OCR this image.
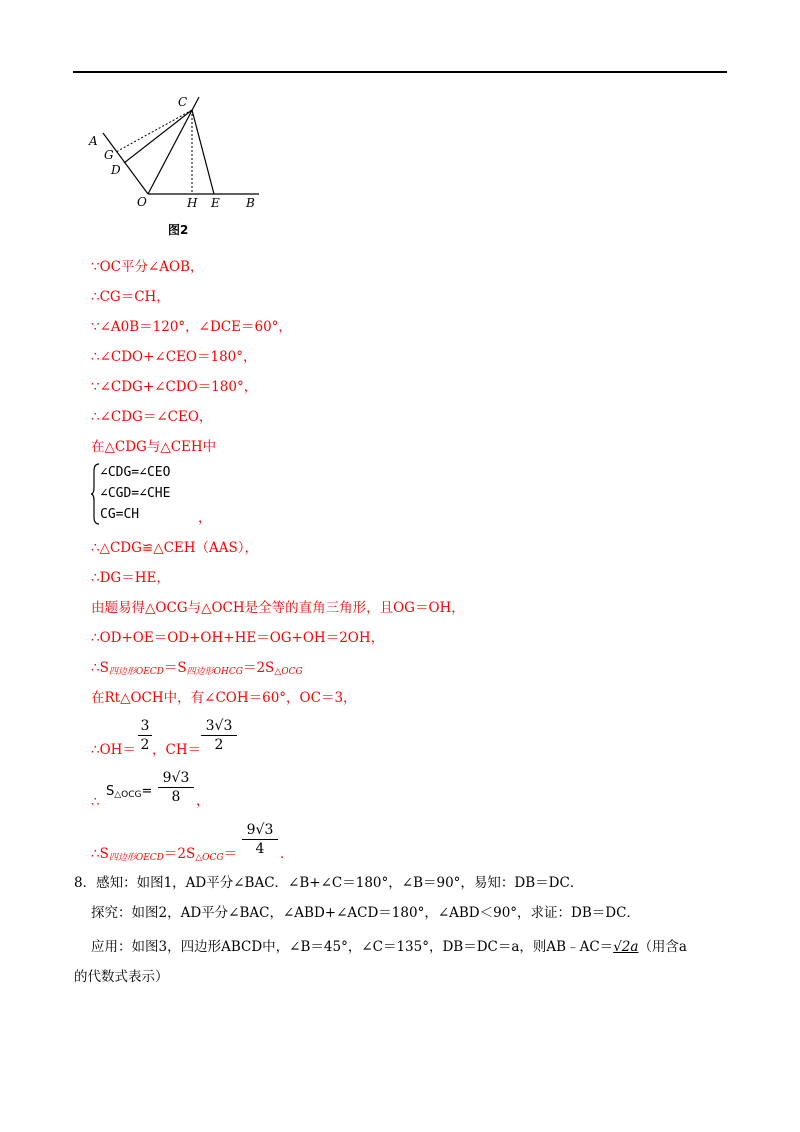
C
A
G
D
O	H E B
图2
∵OC平分∠AOB，
∴CG＝CH，
∵∠A0B＝120°，∠DCE＝60°，
∴∠CDO+∠CEO＝180°，
∵∠CDG+∠CDO＝180°，
∴∠CDG＝∠CEO，
在△CDG与△CEH中
∠CDG=∠CEO
∠CGD=∠CHE
CG=CH	，
∴△CDG≌△CEH（AAS），
∴DG＝HE，
由题易得△OCG与△OCH是全等的直角三角形，且OG＝OH，
∴OD+OE＝OD+OH+HE＝OG+OH＝2OH，
$\therefore S_{四边形OECD}=S_{四边形OHCG}=2S_{\triangle OCG}$
在Rt△OCH中，有∠COH＝60°，OC＝3，
∴OH＝
3
2 ，CH＝
3√3
2
∴
S△OCG=
9√3
8	，
$\therefore S_{四边形OECD}=2S_{\triangle OCG}=$
9√3
4	．
8．感知：如图1，AD平分∠BAC．∠B+∠C＝180°，∠B＝90°，易知：DB＝DC．
探究：如图2，AD平分∠BAC，∠ABD+∠ACD＝180°，∠ABD＜90°，求证：DB＝DC．
应用：如图3，四边形ABCD中，∠B＝45°，∠C＝135°，DB＝DC＝a，则AB﹣AC＝√2a（用含a
的代数式表示）
